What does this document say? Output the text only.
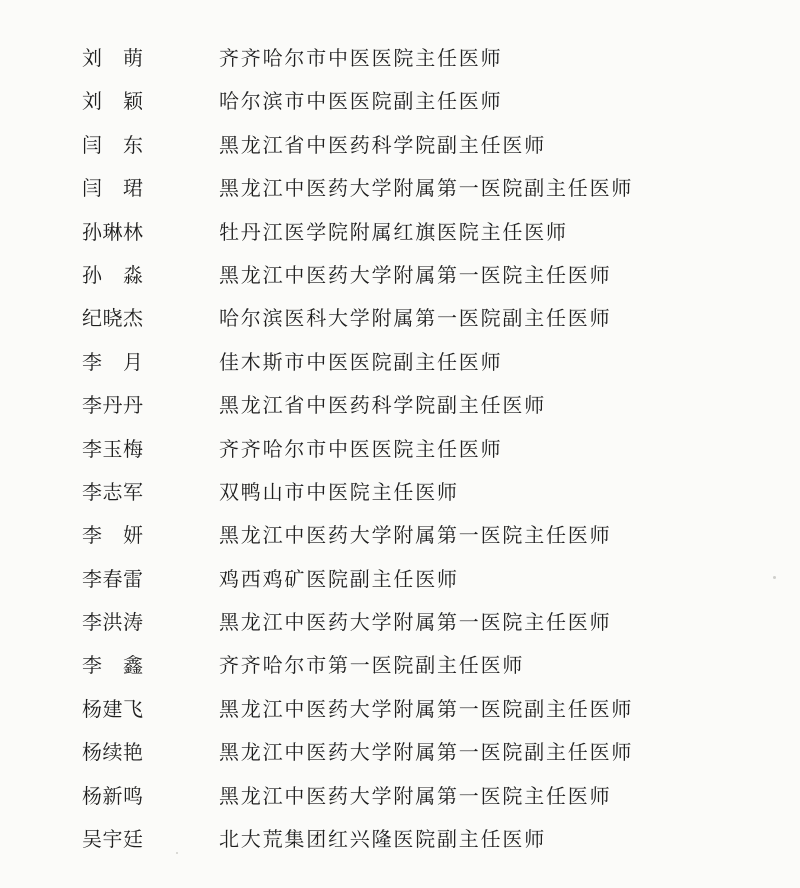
刘　萌	齐齐哈尔市中医医院主任医师
刘　颖	哈尔滨市中医医院副主任医师
闫　东	黑龙江省中医药科学院副主任医师
闫　珺	黑龙江中医药大学附属第一医院副主任医师
孙琳林	牡丹江医学院附属红旗医院主任医师
孙　淼	黑龙江中医药大学附属第一医院主任医师
纪晓杰	哈尔滨医科大学附属第一医院副主任医师
李　月	佳木斯市中医医院副主任医师
李丹丹	黑龙江省中医药科学院副主任医师
李玉梅	齐齐哈尔市中医医院主任医师
李志军	双鸭山市中医院主任医师
李　妍	黑龙江中医药大学附属第一医院主任医师
李春雷	鸡西鸡矿医院副主任医师
李洪涛	黑龙江中医药大学附属第一医院主任医师
李　鑫	齐齐哈尔市第一医院副主任医师
杨建飞	黑龙江中医药大学附属第一医院副主任医师
杨续艳	黑龙江中医药大学附属第一医院副主任医师
杨新鸣	黑龙江中医药大学附属第一医院主任医师
吴宇廷	北大荒集团红兴隆医院副主任医师
